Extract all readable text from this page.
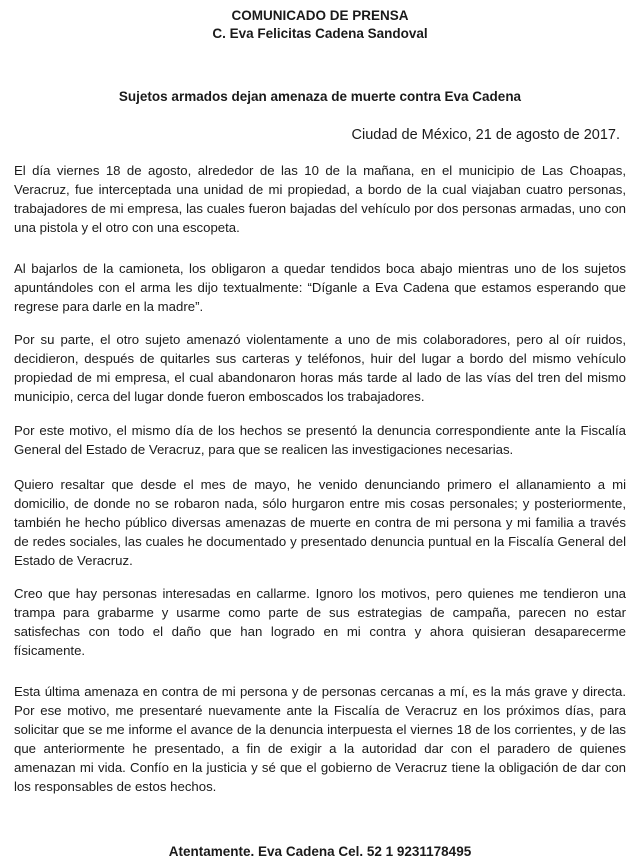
COMUNICADO DE PRENSA
C. Eva Felicitas Cadena Sandoval
Sujetos armados dejan amenaza de muerte contra Eva Cadena
Ciudad de México, 21 de agosto de 2017.

El día viernes 18 de agosto, alrededor de las 10 de la mañana, en el municipio de Las Choapas, Veracruz, fue interceptada una unidad de mi propiedad, a bordo de la cual viajaban cuatro personas, trabajadores de mi empresa, las cuales fueron bajadas del vehículo por dos personas armadas, uno con una pistola y el otro con una escopeta.

Al bajarlos de la camioneta, los obligaron a quedar tendidos boca abajo mientras uno de los sujetos apuntándoles con el arma les dijo textualmente: “Díganle a Eva Cadena que estamos esperando que regrese para darle en la madre”.

Por su parte, el otro sujeto amenazó violentamente a uno de mis colaboradores, pero al oír ruidos, decidieron, después de quitarles sus carteras y teléfonos, huir del lugar a bordo del mismo vehículo propiedad de mi empresa, el cual abandonaron horas más tarde al lado de las vías del tren del mismo municipio, cerca del lugar donde fueron emboscados los trabajadores.

Por este motivo, el mismo día de los hechos se presentó la denuncia correspondiente ante la Fiscalía General del Estado de Veracruz, para que se realicen las investigaciones necesarias.

Quiero resaltar que desde el mes de mayo, he venido denunciando primero el allanamiento a mi domicilio, de donde no se robaron nada, sólo hurgaron entre mis cosas personales; y posteriormente, también he hecho público diversas amenazas de muerte en contra de mi persona y mi familia a través de redes sociales, las cuales he documentado y presentado denuncia puntual en la Fiscalía General del Estado de Veracruz.

Creo que hay personas interesadas en callarme. Ignoro los motivos, pero quienes me tendieron una trampa para grabarme y usarme como parte de sus estrategias de campaña, parecen no estar satisfechas con todo el daño que han logrado en mi contra y ahora quisieran desaparecerme físicamente.

Esta última amenaza en contra de mi persona y de personas cercanas a mí, es la más grave y directa. Por ese motivo, me presentaré nuevamente ante la Fiscalía de Veracruz en los próximos días, para solicitar que se me informe el avance de la denuncia interpuesta el viernes 18 de los corrientes, y de las que anteriormente he presentado, a fin de exigir a la autoridad dar con el paradero de quienes amenazan mi vida. Confío en la justicia y sé que el gobierno de Veracruz tiene la obligación de dar con los responsables de estos hechos.

Atentamente. Eva Cadena Cel. 52 1 9231178495
